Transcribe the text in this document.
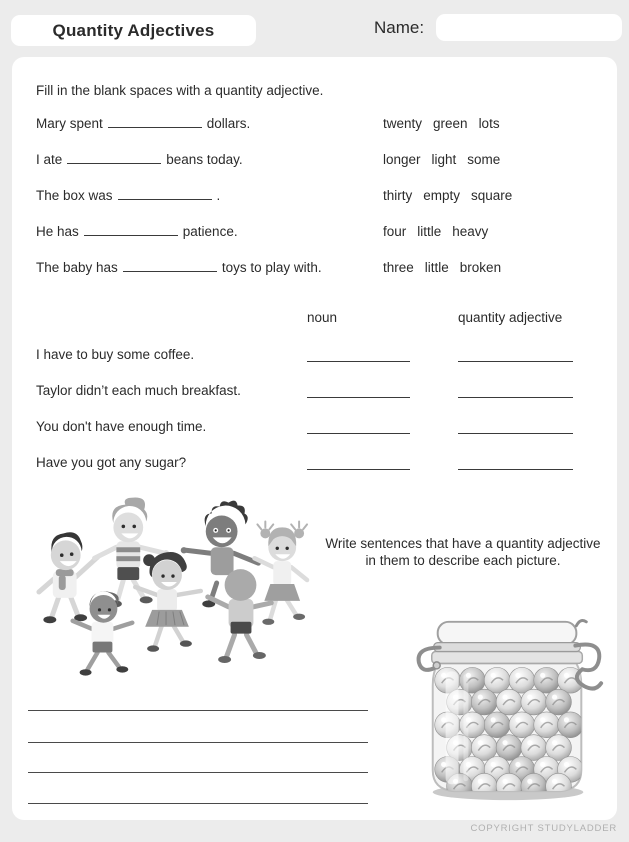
Quantity Adjectives	Name:
Fill in the blank spaces with a quantity adjective.
Mary spent	dollars.	twenty green lots
I ate	beans today.	longer light some
The box was	.	thirty empty square
He has	patience.	four little heavy
The baby has	toys to play with.	three little broken
noun	quantity adjective
I have to buy some coffee.
Taylor didn’t each much breakfast.
You don't have enough time.
Have you got any sugar?
Write sentences that have a quantity adjective
in them to describe each picture.
COPYRIGHT STUDYLADDER
